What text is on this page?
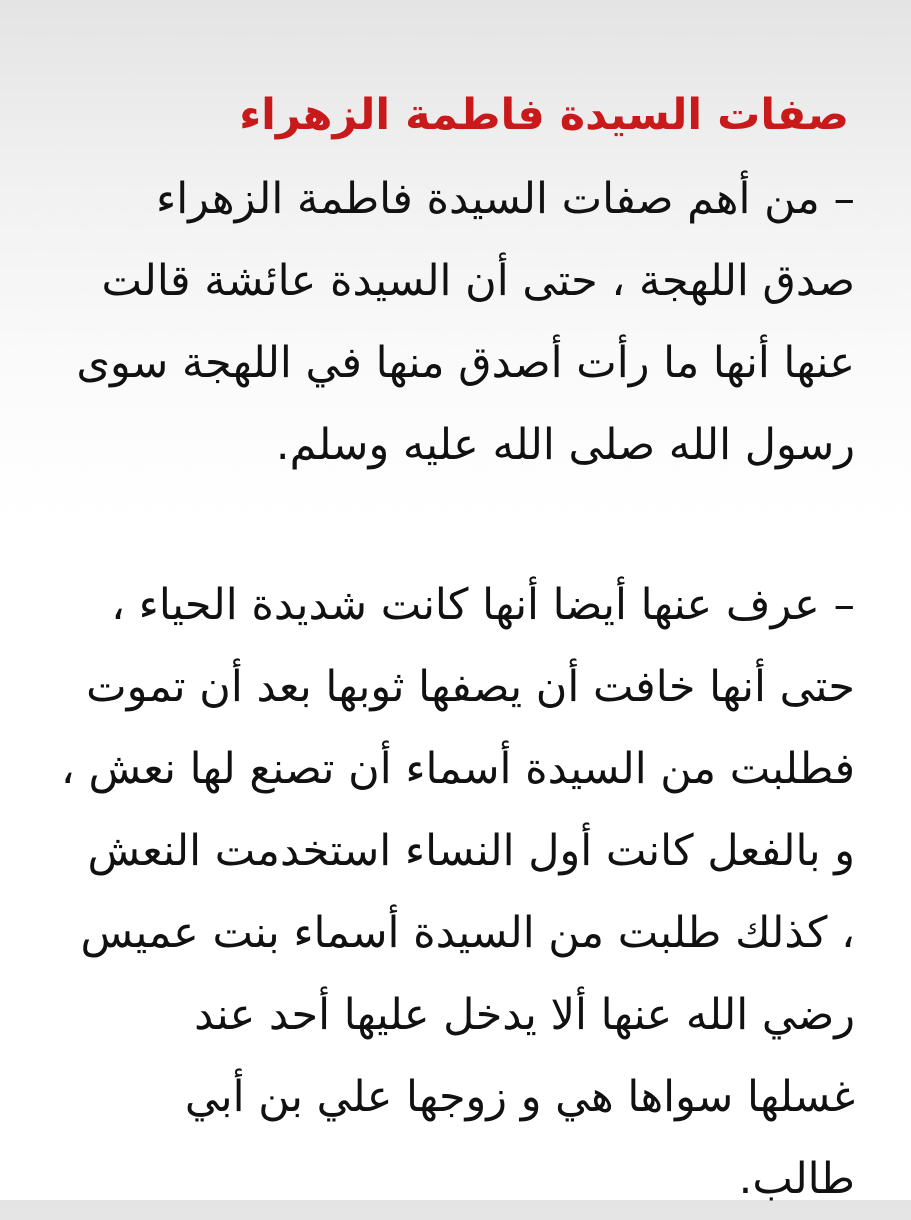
صفات السيدة فاطمة الزهراء
– من أهم صفات السيدة فاطمة الزهراء
صدق اللهجة ، حتى أن السيدة عائشة قالت
عنها أنها ما رأت أصدق منها في اللهجة سوى
رسول الله صلى الله عليه وسلم.
– عرف عنها أيضا أنها كانت شديدة الحياء ،
حتى أنها خافت أن يصفها ثوبها بعد أن تموت
فطلبت من السيدة أسماء أن تصنع لها نعش ،
و بالفعل كانت أول النساء استخدمت النعش
، كذلك طلبت من السيدة أسماء بنت عميس
رضي الله عنها ألا يدخل عليها أحد عند
غسلها سواها هي و زوجها علي بن أبي
طالب.
